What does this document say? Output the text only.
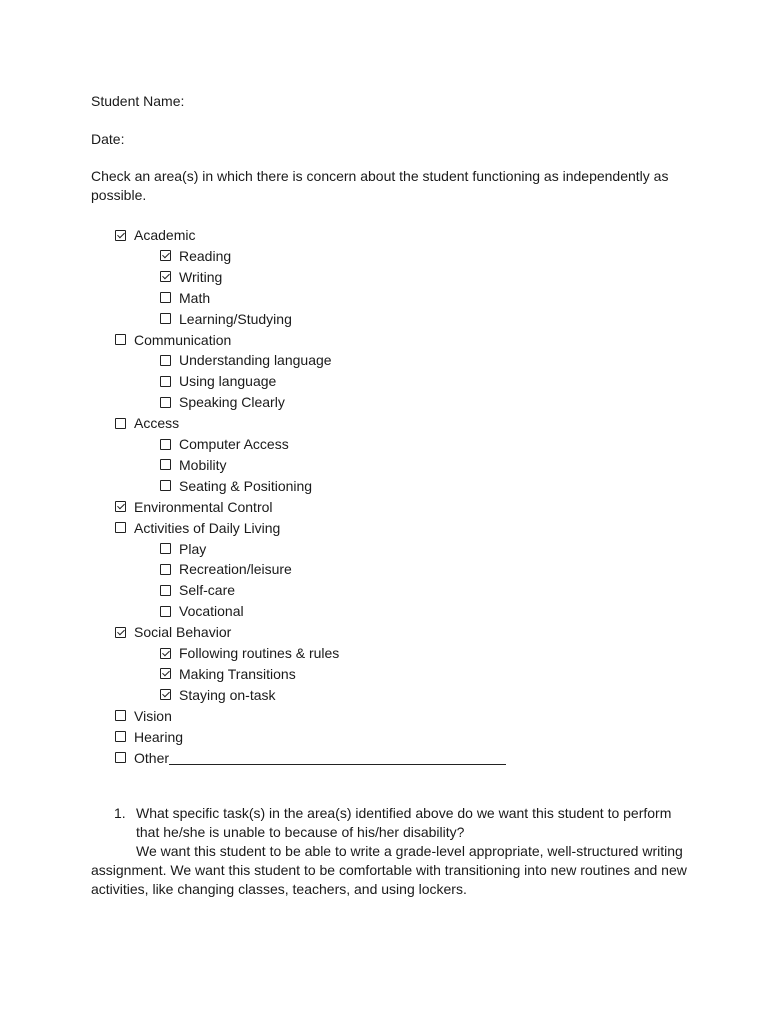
Student Name:
Date:
Check an area(s) in which there is concern about the student functioning as independently as possible.
Academic
Reading
Writing
Math
Learning/Studying
Communication
Understanding language
Using language
Speaking Clearly
Access
Computer Access
Mobility
Seating & Positioning
Environmental Control
Activities of Daily Living
Play
Recreation/leisure
Self-care
Vocational
Social Behavior
Following routines & rules
Making Transitions
Staying on-task
Vision
Hearing
Other
1. What specific task(s) in the area(s) identified above do we want this student to perform that he/she is unable to because of his/her disability?
We want this student to be able to write a grade-level appropriate, well-structured writing assignment. We want this student to be comfortable with transitioning into new routines and new activities, like changing classes, teachers, and using lockers.
